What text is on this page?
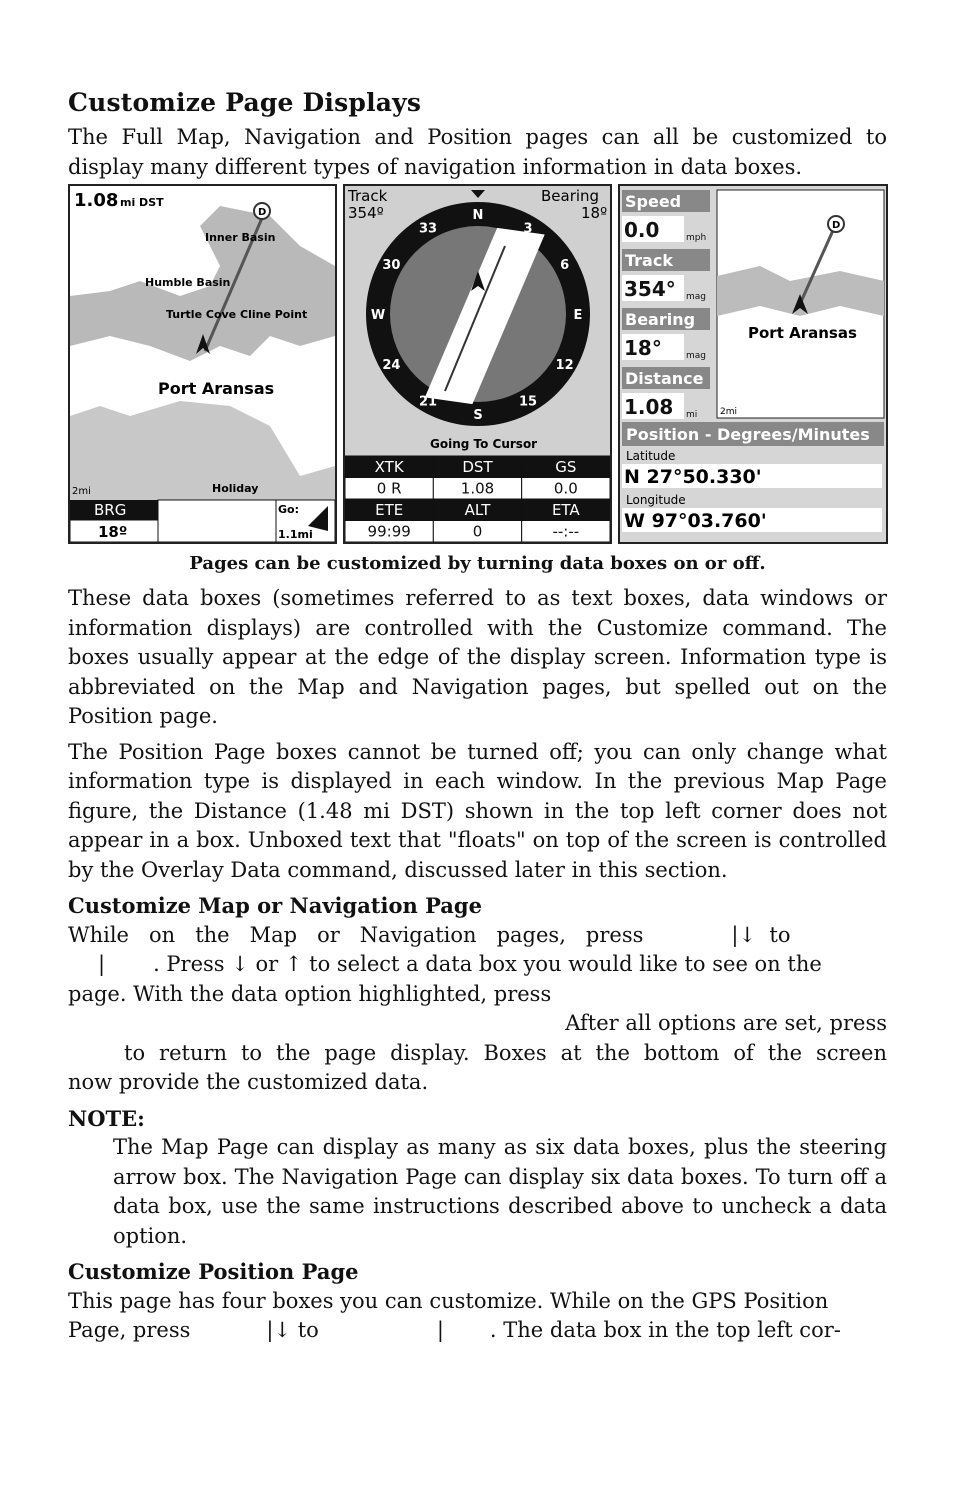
Customize Page Displays

The Full Map, Navigation and Position pages can all be customized to display many different types of navigation information in data boxes.

D
1.08 mi DST
Inner Basin
Humble Basin
Turtle Cove Cline Point
Port Aransas
Holiday
2mi
BRG
18º
Go:
1.1mi
Track
354º
Bearing
18º
N
3
6
E
12
15
S
21
24
W
30
33
Going To Cursor
XTK	DST	GS
0 R	1.08	0.0
ETE	ALT	ETA
99:99	0	--:--
Speed
0.0	mph
Track
354° mag
Bearing
18°	mag
Distance
1.08 mi
D
Port Aransas
2mi
Position - Degrees/Minutes
Latitude
N 27°50.330'
Longitude
W 97°03.760'
Pages can be customized by turning data boxes on or off.

These data boxes (sometimes referred to as text boxes, data windows or information displays) are controlled with the Customize command. The boxes usually appear at the edge of the display screen. Information type is abbreviated on the Map and Navigation pages, but spelled out on the Position page.

The Position Page boxes cannot be turned off; you can only change what information type is displayed in each window. In the previous Map Page figure, the Distance (1.48 mi DST) shown in the top left corner does not appear in a box. Unboxed text that "floats" on top of the screen is controlled by the Overlay Data command, discussed later in this section.

Customize Map or Navigation Page

While   on   the   Map   or   Navigation   pages,   press	|↓  to

| . Press ↓ or ↑ to select a data box you would like to see on the

page. With the data option highlighted, press

After all options are set, press

to return to the page display. Boxes at the bottom of the screen

now provide the customized data.

NOTE:

The Map Page can display as many as six data boxes, plus the steering arrow box. The Navigation Page can display six data boxes. To turn off a data box, use the same instructions described above to uncheck a data option.

Customize Position Page

This page has four boxes you can customize. While on the GPS Position

Page, press	|↓ to	| . The data box in the top left cor-
